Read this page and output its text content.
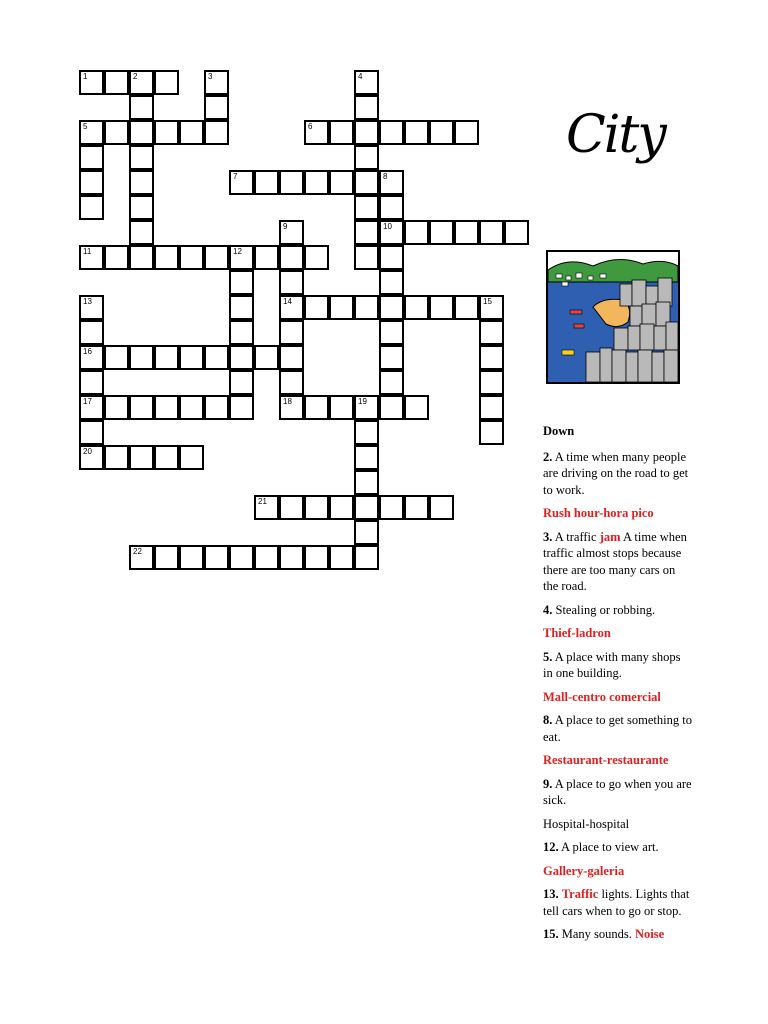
1	2	3	4
5	6
7	8
9	10
11	12
13	14	15
16
17	18	19
20
21
22
City
Down
2. A time when many people are driving on the road to get to work.
Rush hour-hora pico
3. A traffic jam A time when traffic almost stops because there are too many cars on the road.
4. Stealing or robbing.
Thief-ladron
5. A place with many shops in one building.
Mall-centro comercial
8. A place to get something to eat.
Restaurant-restaurante
9. A place to go when you are sick.
Hospital-hospital
12. A place to view art.
Gallery-galeria
13. Traffic lights. Lights that tell cars when to go or stop.
15. Many sounds. Noise
